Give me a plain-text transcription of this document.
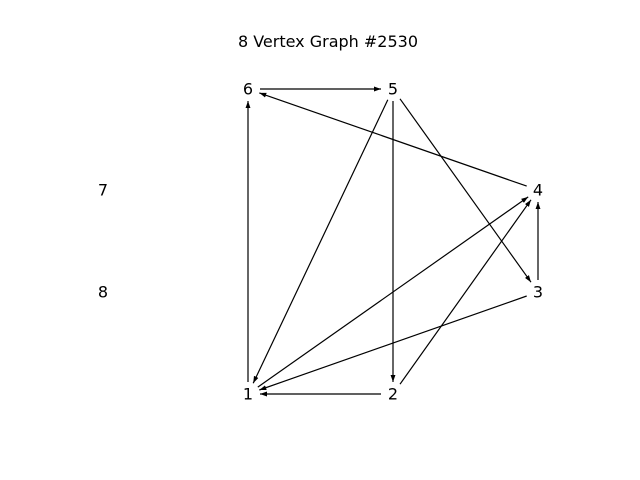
8 Vertex Graph #2530
1	2
3
4
5
6
7
8
